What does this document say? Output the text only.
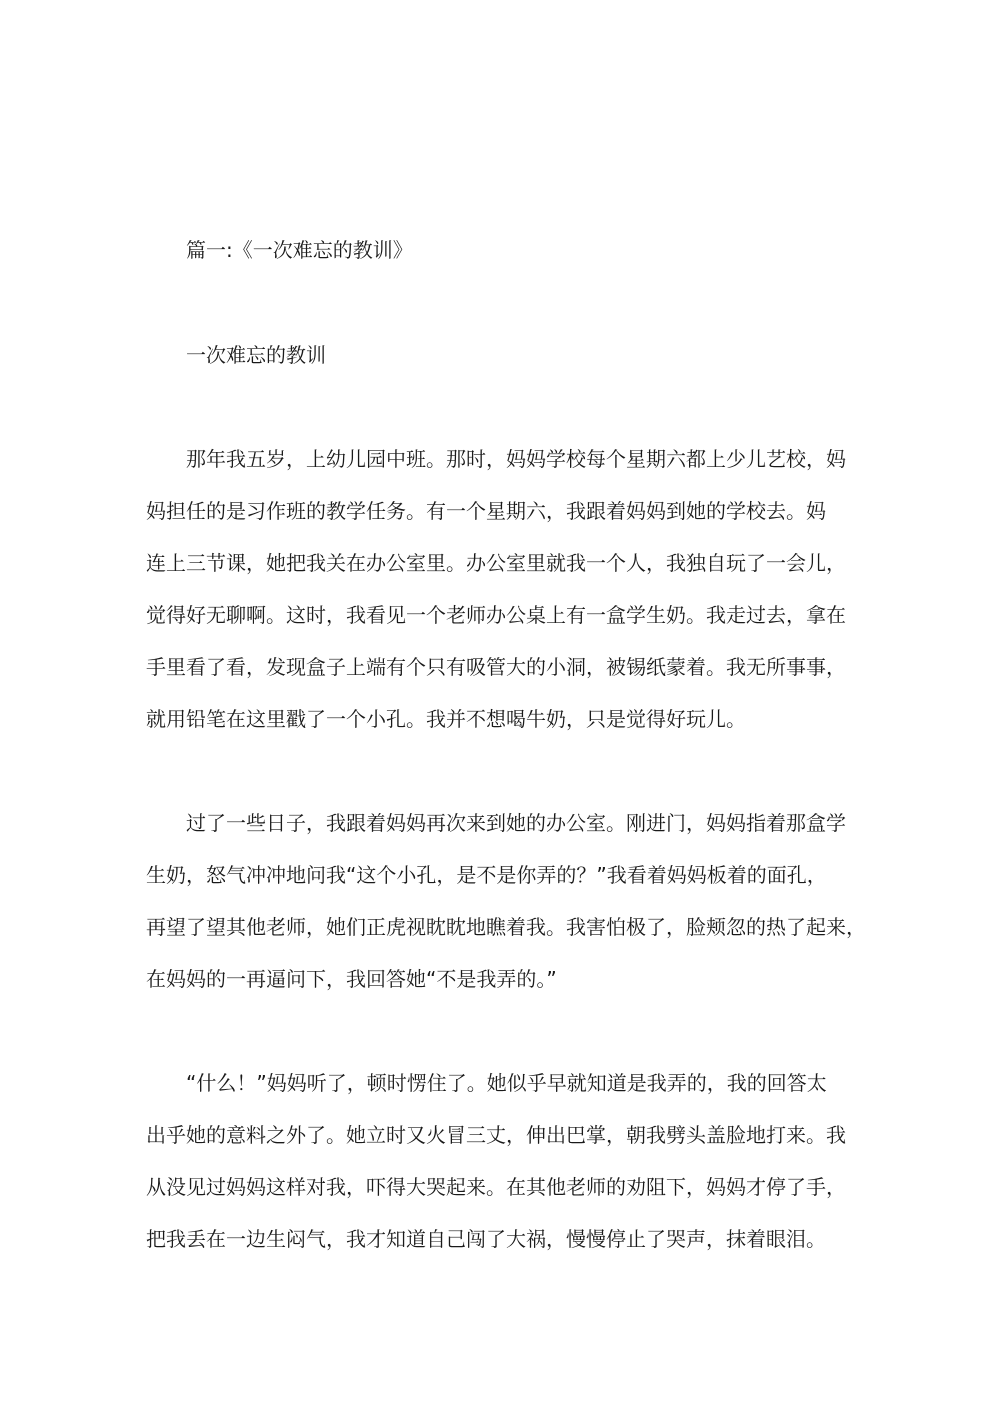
篇一:《一次难忘的教训》
一次难忘的教训
那年我五岁，上幼儿园中班。那时，妈妈学校每个星期六都上少儿艺校，妈
妈担任的是习作班的教学任务。有一个星期六，我跟着妈妈到她的学校去。妈
连上三节课，她把我关在办公室里。办公室里就我一个人，我独自玩了一会儿，
觉得好无聊啊。这时，我看见一个老师办公桌上有一盒学生奶。我走过去，拿在
手里看了看，发现盒子上端有个只有吸管大的小洞，被锡纸蒙着。我无所事事，
就用铅笔在这里戳了一个小孔。我并不想喝牛奶，只是觉得好玩儿。
过了一些日子，我跟着妈妈再次来到她的办公室。刚进门，妈妈指着那盒学
生奶，怒气冲冲地问我“这个小孔，是不是你弄的？”我看着妈妈板着的面孔，
再望了望其他老师，她们正虎视眈眈地瞧着我。我害怕极了，脸颊忽的热了起来，
在妈妈的一再逼问下，我回答她“不是我弄的。”
“什么！”妈妈听了，顿时愣住了。她似乎早就知道是我弄的，我的回答太
出乎她的意料之外了。她立时又火冒三丈，伸出巴掌，朝我劈头盖脸地打来。我
从没见过妈妈这样对我，吓得大哭起来。在其他老师的劝阻下，妈妈才停了手，
把我丢在一边生闷气，我才知道自己闯了大祸，慢慢停止了哭声，抹着眼泪。
